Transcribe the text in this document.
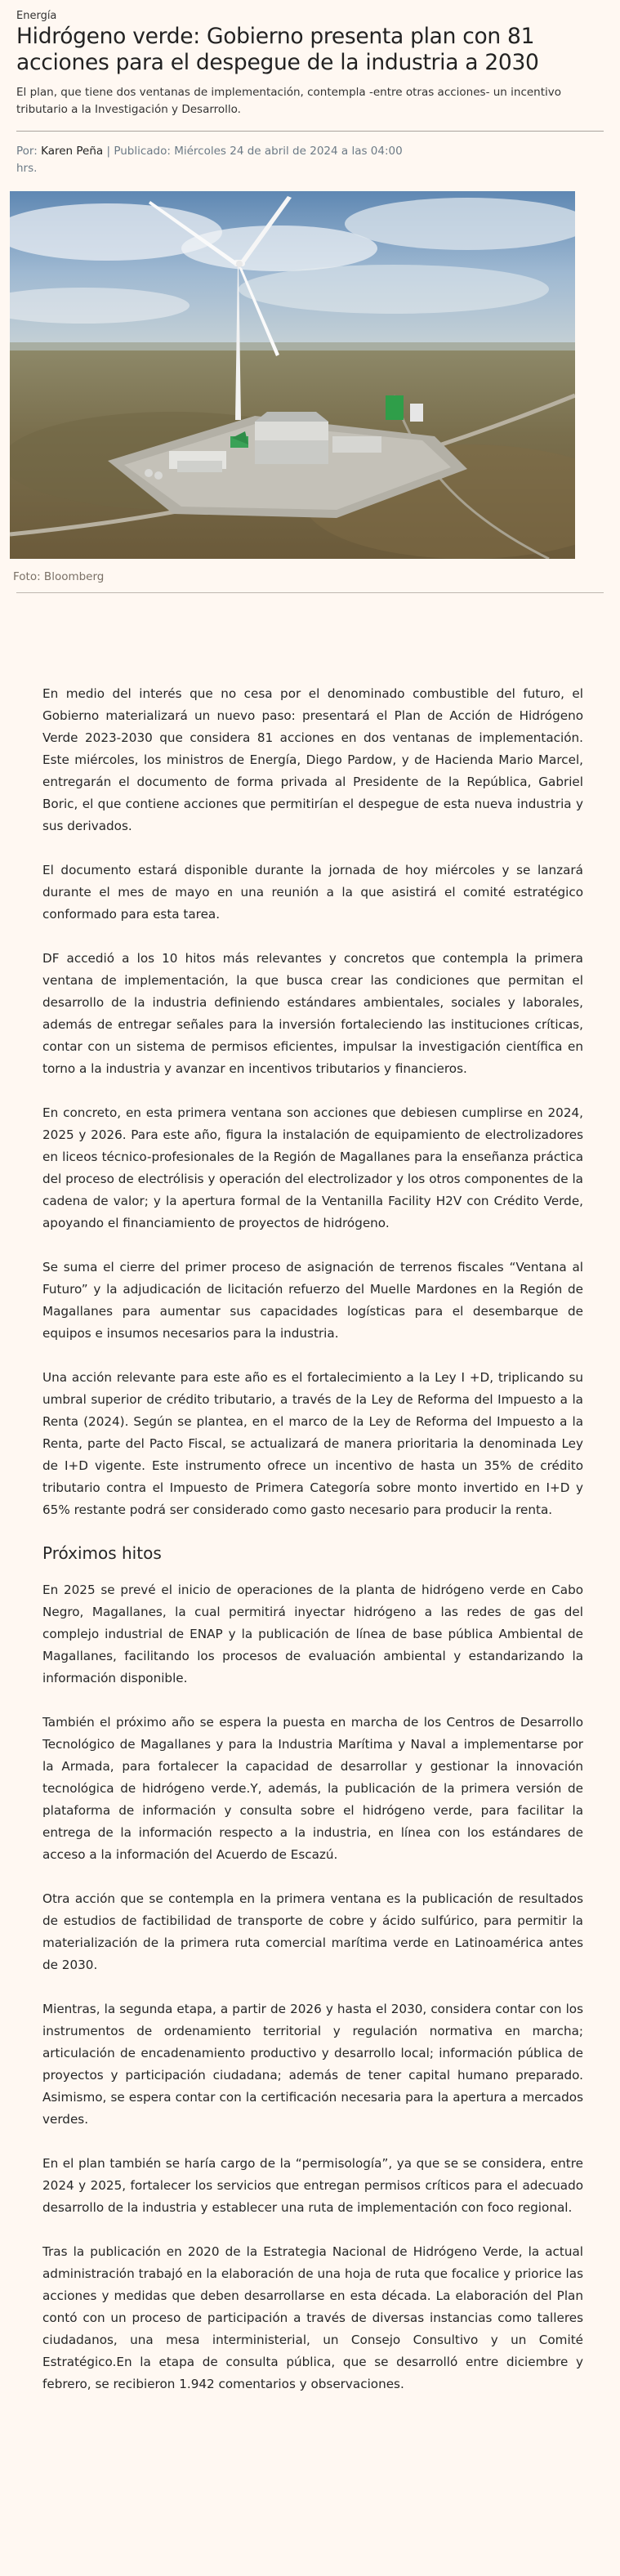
Energía
Hidrógeno verde: Gobierno presenta plan con 81 acciones para el despegue de la industria a 2030

El plan, que tiene dos ventanas de implementación, contempla -entre otras acciones- un incentivo tributario a la Investigación y Desarrollo.

Por: Karen Peña | Publicado: Miércoles 24 de abril de 2024 a las 04:00 hrs.

Foto: Bloomberg

En medio del interés que no cesa por el denominado combustible del futuro, el Gobierno materializará un nuevo paso: presentará el Plan de Acción de Hidrógeno Verde 2023-2030 que considera 81 acciones en dos ventanas de implementación. Este miércoles, los ministros de Energía, Diego Pardow, y de Hacienda Mario Marcel, entregarán el documento de forma privada al Presidente de la República, Gabriel Boric, el que contiene acciones que permitirían el despegue de esta nueva industria y sus derivados.

El documento estará disponible durante la jornada de hoy miércoles y se lanzará durante el mes de mayo en una reunión a la que asistirá el comité estratégico conformado para esta tarea.

DF accedió a los 10 hitos más relevantes y concretos que contempla la primera ventana de implementación, la que busca crear las condiciones que permitan el desarrollo de la industria definiendo estándares ambientales, sociales y laborales, además de entregar señales para la inversión fortaleciendo las instituciones críticas, contar con un sistema de permisos eficientes, impulsar la investigación científica en torno a la industria y avanzar en incentivos tributarios y financieros.

En concreto, en esta primera ventana son acciones que debiesen cumplirse en 2024, 2025 y 2026. Para este año, figura la instalación de equipamiento de electrolizadores en liceos técnico-profesionales de la Región de Magallanes para la enseñanza práctica del proceso de electrólisis y operación del electrolizador y los otros componentes de la cadena de valor; y la apertura formal de la Ventanilla Facility H2V con Crédito Verde, apoyando el financiamiento de proyectos de hidrógeno.

Se suma el cierre del primer proceso de asignación de terrenos fiscales “Ventana al Futuro” y la adjudicación de licitación refuerzo del Muelle Mardones en la Región de Magallanes para aumentar sus capacidades logísticas para el desembarque de equipos e insumos necesarios para la industria.

Una acción relevante para este año es el fortalecimiento a la Ley I +D, triplicando su umbral superior de crédito tributario, a través de la Ley de Reforma del Impuesto a la Renta (2024). Según se plantea, en el marco de la Ley de Reforma del Impuesto a la Renta, parte del Pacto Fiscal, se actualizará de manera prioritaria la denominada Ley de I+D vigente. Este instrumento ofrece un incentivo de hasta un 35% de crédito tributario contra el Impuesto de Primera Categoría sobre monto invertido en I+D y 65% restante podrá ser considerado como gasto necesario para producir la renta.

Próximos hitos

En 2025 se prevé el inicio de operaciones de la planta de hidrógeno verde en Cabo Negro, Magallanes, la cual permitirá inyectar hidrógeno a las redes de gas del complejo industrial de ENAP y la publicación de línea de base pública Ambiental de Magallanes, facilitando los procesos de evaluación ambiental y estandarizando la información disponible.

También el próximo año se espera la puesta en marcha de los Centros de Desarrollo Tecnológico de Magallanes y para la Industria Marítima y Naval a implementarse por la Armada, para fortalecer la capacidad de desarrollar y gestionar la innovación tecnológica de hidrógeno verde.Y, además, la publicación de la primera versión de plataforma de información y consulta sobre el hidrógeno verde, para facilitar la entrega de la información respecto a la industria, en línea con los estándares de acceso a la información del Acuerdo de Escazú.

Otra acción que se contempla en la primera ventana es la publicación de resultados de estudios de factibilidad de transporte de cobre y ácido sulfúrico, para permitir la materialización de la primera ruta comercial marítima verde en Latinoamérica antes de 2030.

Mientras, la segunda etapa, a partir de 2026 y hasta el 2030, considera contar con los instrumentos de ordenamiento territorial y regulación normativa en marcha; articulación de encadenamiento productivo y desarrollo local; información pública de proyectos y participación ciudadana; además de tener capital humano preparado. Asimismo, se espera contar con la certificación necesaria para la apertura a mercados verdes.

En el plan también se haría cargo de la “permisología”, ya que se se considera, entre 2024 y 2025, fortalecer los servicios que entregan permisos críticos para el adecuado desarrollo de la industria y establecer una ruta de implementación con foco regional.

Tras la publicación en 2020 de la Estrategia Nacional de Hidrógeno Verde, la actual administración trabajó en la elaboración de una hoja de ruta que focalice y priorice las acciones y medidas que deben desarrollarse en esta década. La elaboración del Plan contó con un proceso de participación a través de diversas instancias como talleres ciudadanos, una mesa interministerial, un Consejo Consultivo y un Comité Estratégico.En la etapa de consulta pública, que se desarrolló entre diciembre y febrero, se recibieron 1.942 comentarios y observaciones.
